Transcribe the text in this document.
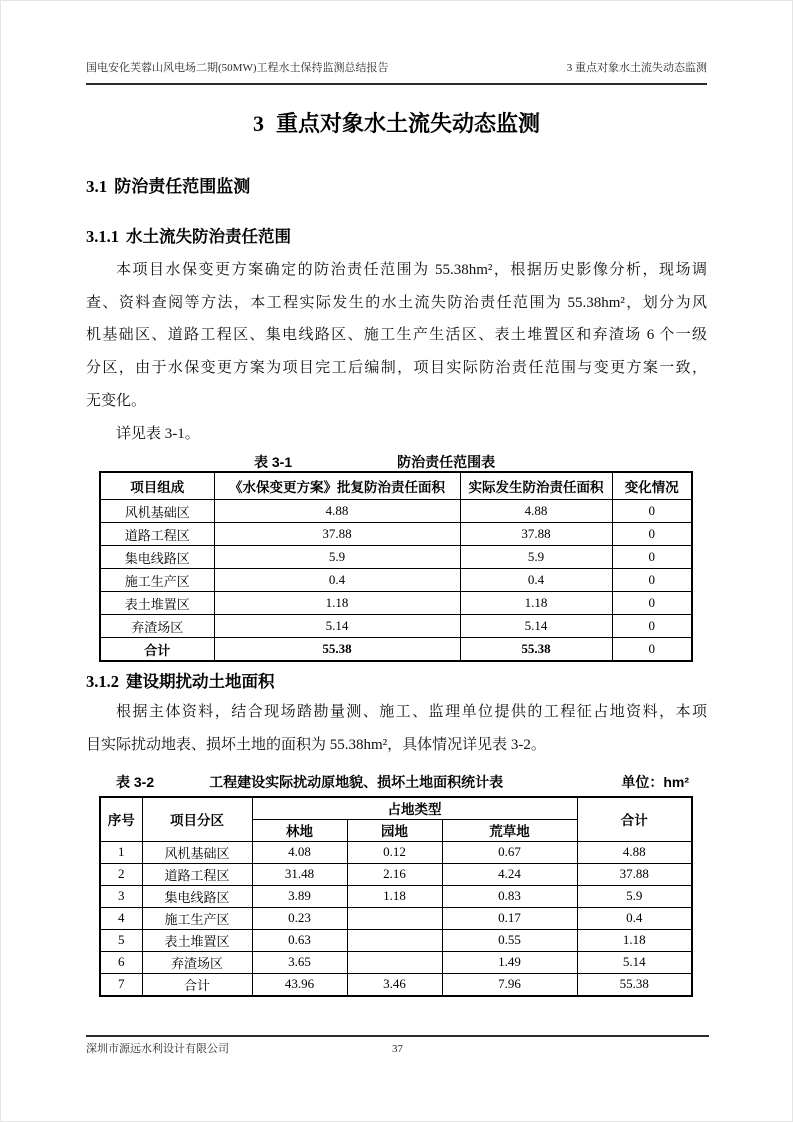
国电安化芙蓉山风电场二期(50MW)工程水土保持监测总结报告	3 重点对象水土流失动态监测
3 重点对象水土流失动态监测
3.1 防治责任范围监测
3.1.1 水土流失防治责任范围
本项目水保变更方案确定的防治责任范围为 55.38hm²，根据历史影像分析，现场调
查、资料查阅等方法，本工程实际发生的水土流失防治责任范围为 55.38hm²，划分为风
机基础区、道路工程区、集电线路区、施工生产生活区、表土堆置区和弃渣场 6 个一级
分区，由于水保变更方案为项目完工后编制，项目实际防治责任范围与变更方案一致，
无变化。
详见表 3-1。
表 3-1	防治责任范围表
项目组成	《水保变更方案》批复防治责任面积	实际发生防治责任面积	变化情况
风机基础区	4.88	4.88	0
道路工程区	37.88	37.88	0
集电线路区	5.9	5.9	0
施工生产区	0.4	0.4	0
表土堆置区	1.18	1.18	0
弃渣场区	5.14	5.14	0
合计	55.38	55.38	0
3.1.2 建设期扰动土地面积
根据主体资料，结合现场踏勘量测、施工、监理单位提供的工程征占地资料，本项
目实际扰动地表、损坏土地的面积为 55.38hm²，具体情况详见表 3-2。
表 3-2	工程建设实际扰动原地貌、损坏土地面积统计表	单位：hm²
序号	项目分区	占地类型			合计
		林地	园地	荒草地	
1	风机基础区	4.08	0.12	0.67	4.88
2	道路工程区	31.48	2.16	4.24	37.88
3	集电线路区	3.89	1.18	0.83	5.9
4	施工生产区	0.23		0.17	0.4
5	表土堆置区	0.63		0.55	1.18
6	弃渣场区	3.65		1.49	5.14
7	合计	43.96	3.46	7.96	55.38
深圳市源远水利设计有限公司	37
